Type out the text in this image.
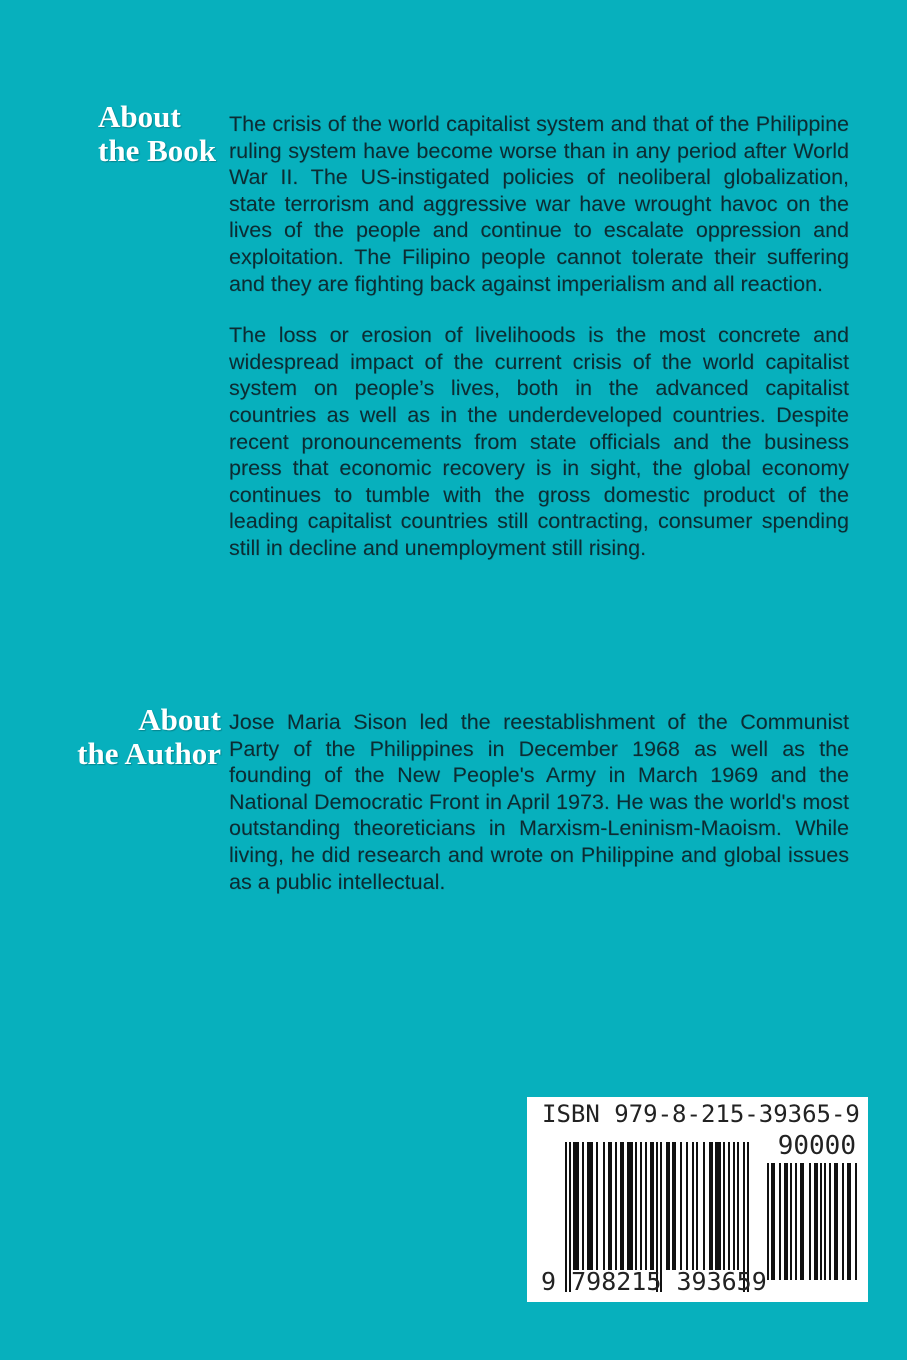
About
the Book

The crisis of the world capitalist system and that of the Philippine ruling system have become worse than in any period after World War II. The US-instigated policies of neoliberal globalization, state terrorism and aggressive war have wrought havoc on the lives of the people and continue to escalate oppression and exploitation. The Filipino people cannot tolerate their suffering and they are fighting back against imperialism and all reaction.

The loss or erosion of livelihoods is the most concrete and widespread impact of the current crisis of the world capitalist system on people’s lives, both in the advanced capitalist countries as well as in the underdeveloped countries. Despite recent pronouncements from state officials and the business press that economic recovery is in sight, the global economy continues to tumble with the gross domestic product of the leading capitalist countries still contracting, consumer spending still in decline and unemployment still rising.

About
the Author

Jose Maria Sison led the reestablishment of the Communist Party of the Philippines in December 1968 as well as the founding of the New People's Army in March 1969 and the National Democratic Front in April 1973. He was the world's most outstanding theoreticians in Marxism-Leninism-Maoism. While living, he did research and wrote on Philippine and global issues as a public intellectual.

ISBN 979-8-215-39365-9
90000
9 798215 393659
